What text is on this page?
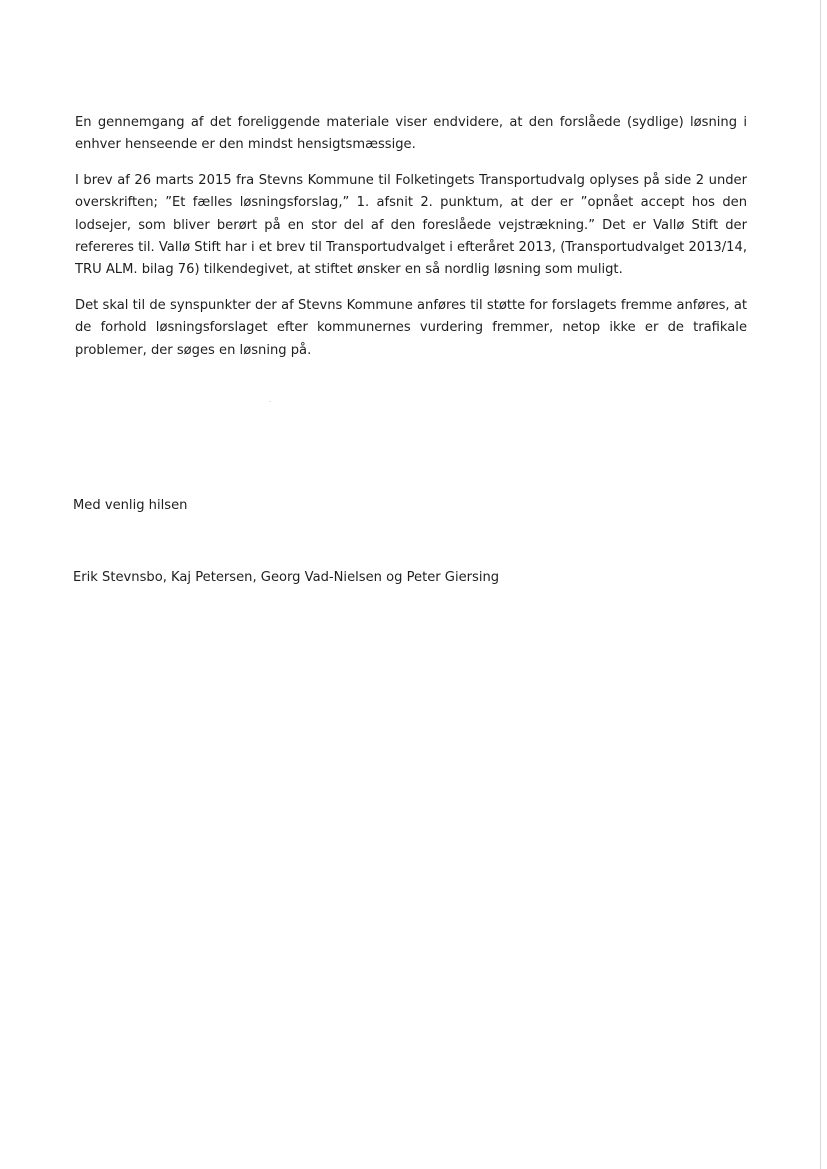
En gennemgang af det foreliggende materiale viser endvidere, at den forslåede (sydlige) løsning i enhver henseende er den mindst hensigtsmæssige.

I brev af 26 marts 2015 fra Stevns Kommune til Folketingets Transportudvalg oplyses på side 2 under overskriften; ”Et fælles løsningsforslag,” 1. afsnit 2. punktum, at der er ”opnået accept hos den lodsejer, som bliver berørt på en stor del af den foreslåede vejstrækning.” Det er Vallø Stift der refereres til. Vallø Stift har i et brev til Transportudvalget i efteråret 2013, (Transportudvalget 2013/14, TRU ALM. bilag 76) tilkendegivet, at stiftet ønsker en så nordlig løsning som muligt.

Det skal til de synspunkter der af Stevns Kommune anføres til støtte for forslagets fremme anføres, at de forhold løsningsforslaget efter kommunernes vurdering fremmer, netop ikke er de trafikale problemer, der søges en løsning på.

Med venlig hilsen

Erik Stevnsbo, Kaj Petersen, Georg Vad-Nielsen og Peter Giersing
